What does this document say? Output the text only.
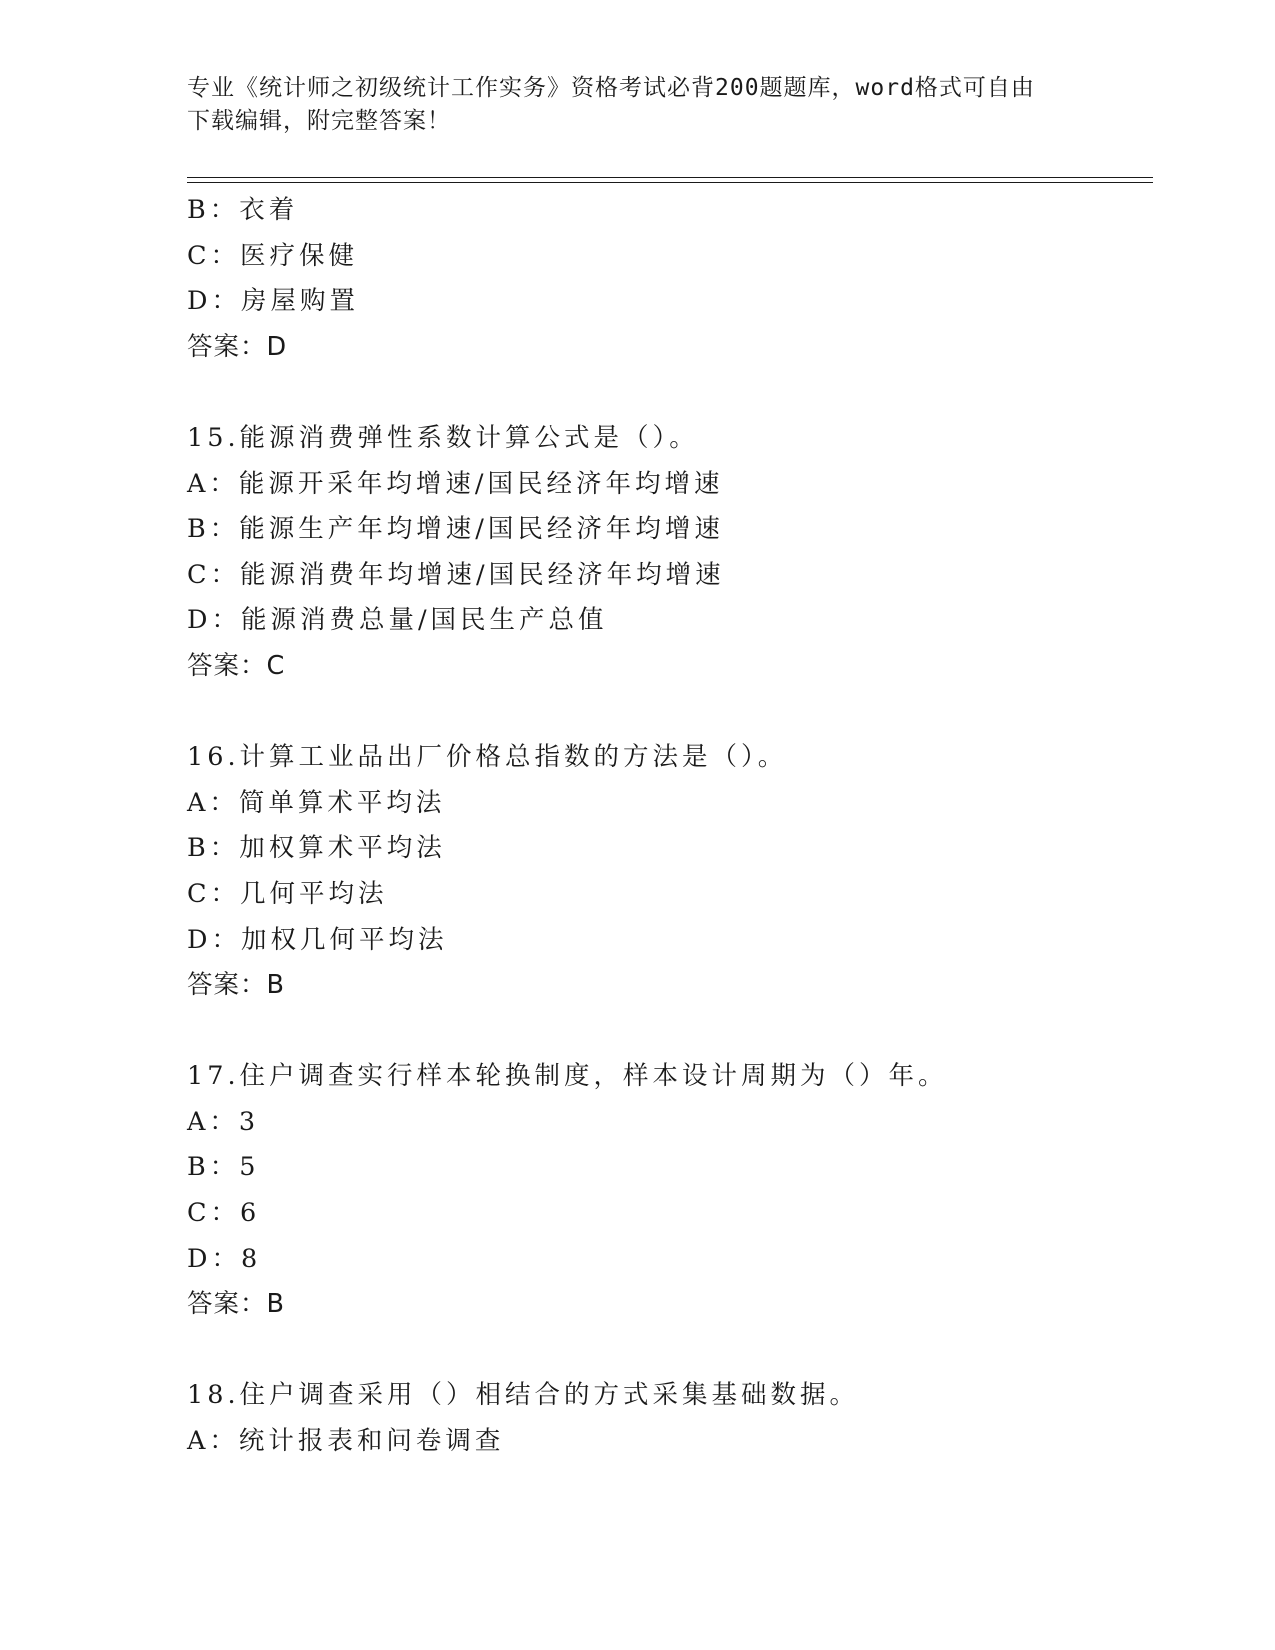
专业《统计师之初级统计工作实务》资格考试必背200题题库，word格式可自由
下载编辑，附完整答案！
B：衣着
C：医疗保健
D：房屋购置
答案：D
15.能源消费弹性系数计算公式是（）。
A：能源开采年均增速/国民经济年均增速
B：能源生产年均增速/国民经济年均增速
C：能源消费年均增速/国民经济年均增速
D：能源消费总量/国民生产总值
答案：C
16.计算工业品出厂价格总指数的方法是（）。
A：简单算术平均法
B：加权算术平均法
C：几何平均法
D：加权几何平均法
答案：B
17.住户调查实行样本轮换制度，样本设计周期为（）年。
A：3
B：5
C：6
D：8
答案：B
18.住户调查采用（）相结合的方式采集基础数据。
A：统计报表和问卷调查
